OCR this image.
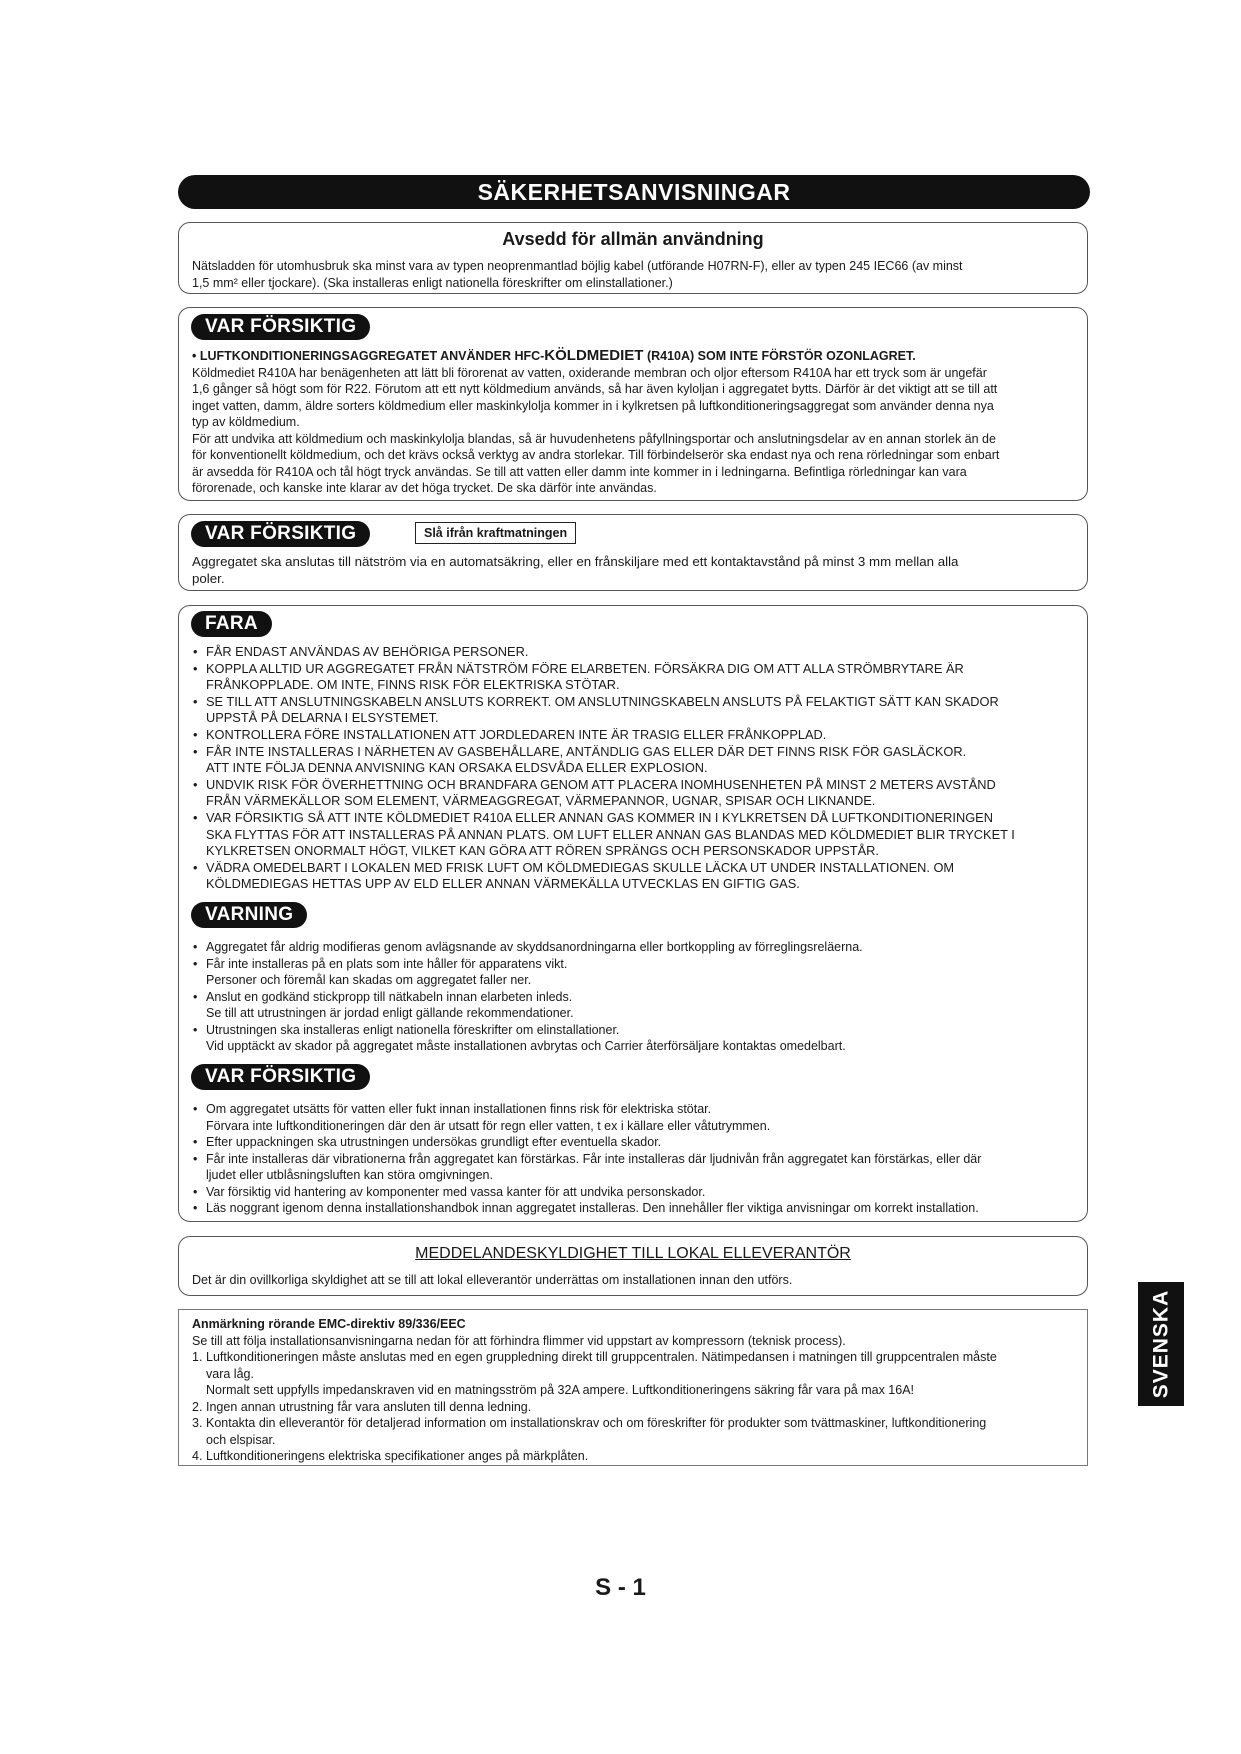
SÄKERHETSANVISNINGAR
Avsedd för allmän användning
Nätsladden för utomhusbruk ska minst vara av typen neoprenmantlad böjlig kabel (utförande H07RN-F), eller av typen 245 IEC66 (av minst
1,5 mm² eller tjockare). (Ska installeras enligt nationella föreskrifter om elinstallationer.)
VAR FÖRSIKTIG
• LUFTKONDITIONERINGSAGGREGATET ANVÄNDER HFC-KÖLDMEDIET (R410A) SOM INTE FÖRSTÖR OZONLAGRET.
Köldmediet R410A har benägenheten att lätt bli förorenat av vatten, oxiderande membran och oljor eftersom R410A har ett tryck som är ungefär
1,6 gånger så högt som för R22. Förutom att ett nytt köldmedium används, så har även kyloljan i aggregatet bytts. Därför är det viktigt att se till att
inget vatten, damm, äldre sorters köldmedium eller maskinkylolja kommer in i kylkretsen på luftkonditioneringsaggregat som använder denna nya
typ av köldmedium.
För att undvika att köldmedium och maskinkylolja blandas, så är huvudenhetens påfyllningsportar och anslutningsdelar av en annan storlek än de
för konventionellt köldmedium, och det krävs också verktyg av andra storlekar. Till förbindelserör ska endast nya och rena rörledningar som enbart
är avsedda för R410A och tål högt tryck användas. Se till att vatten eller damm inte kommer in i ledningarna. Befintliga rörledningar kan vara
förorenade, och kanske inte klarar av det höga trycket. De ska därför inte användas.
VAR FÖRSIKTIG	Slå ifrån kraftmatningen
Aggregatet ska anslutas till nätström via en automatsäkring, eller en frånskiljare med ett kontaktavstånd på minst 3 mm mellan alla
poler.
FARA
• FÅR ENDAST ANVÄNDAS AV BEHÖRIGA PERSONER.
• KOPPLA ALLTID UR AGGREGATET FRÅN NÄTSTRÖM FÖRE ELARBETEN. FÖRSÄKRA DIG OM ATT ALLA STRÖMBRYTARE ÄR
FRÅNKOPPLADE. OM INTE, FINNS RISK FÖR ELEKTRISKA STÖTAR.
• SE TILL ATT ANSLUTNINGSKABELN ANSLUTS KORREKT. OM ANSLUTNINGSKABELN ANSLUTS PÅ FELAKTIGT SÄTT KAN SKADOR
UPPSTÅ PÅ DELARNA I ELSYSTEMET.
• KONTROLLERA FÖRE INSTALLATIONEN ATT JORDLEDAREN INTE ÄR TRASIG ELLER FRÅNKOPPLAD.
• FÅR INTE INSTALLERAS I NÄRHETEN AV GASBEHÅLLARE, ANTÄNDLIG GAS ELLER DÄR DET FINNS RISK FÖR GASLÄCKOR.
ATT INTE FÖLJA DENNA ANVISNING KAN ORSAKA ELDSVÅDA ELLER EXPLOSION.
• UNDVIK RISK FÖR ÖVERHETTNING OCH BRANDFARA GENOM ATT PLACERA INOMHUSENHETEN PÅ MINST 2 METERS AVSTÅND
FRÅN VÄRMEKÄLLOR SOM ELEMENT, VÄRMEAGGREGAT, VÄRMEPANNOR, UGNAR, SPISAR OCH LIKNANDE.
• VAR FÖRSIKTIG SÅ ATT INTE KÖLDMEDIET R410A ELLER ANNAN GAS KOMMER IN I KYLKRETSEN DÅ LUFTKONDITIONERINGEN
SKA FLYTTAS FÖR ATT INSTALLERAS PÅ ANNAN PLATS. OM LUFT ELLER ANNAN GAS BLANDAS MED KÖLDMEDIET BLIR TRYCKET I
KYLKRETSEN ONORMALT HÖGT, VILKET KAN GÖRA ATT RÖREN SPRÄNGS OCH PERSONSKADOR UPPSTÅR.
• VÄDRA OMEDELBART I LOKALEN MED FRISK LUFT OM KÖLDMEDIEGAS SKULLE LÄCKA UT UNDER INSTALLATIONEN. OM
KÖLDMEDIEGAS HETTAS UPP AV ELD ELLER ANNAN VÄRMEKÄLLA UTVECKLAS EN GIFTIG GAS.
VARNING
• Aggregatet får aldrig modifieras genom avlägsnande av skyddsanordningarna eller bortkoppling av förreglingsreläerna.
• Får inte installeras på en plats som inte håller för apparatens vikt.
Personer och föremål kan skadas om aggregatet faller ner.
• Anslut en godkänd stickpropp till nätkabeln innan elarbeten inleds.
Se till att utrustningen är jordad enligt gällande rekommendationer.
• Utrustningen ska installeras enligt nationella föreskrifter om elinstallationer.
Vid upptäckt av skador på aggregatet måste installationen avbrytas och Carrier återförsäljare kontaktas omedelbart.
VAR FÖRSIKTIG
• Om aggregatet utsätts för vatten eller fukt innan installationen finns risk för elektriska stötar.
Förvara inte luftkonditioneringen där den är utsatt för regn eller vatten, t ex i källare eller våtutrymmen.
• Efter uppackningen ska utrustningen undersökas grundligt efter eventuella skador.
• Får inte installeras där vibrationerna från aggregatet kan förstärkas. Får inte installeras där ljudnivån från aggregatet kan förstärkas, eller där
ljudet eller utblåsningsluften kan störa omgivningen.
• Var försiktig vid hantering av komponenter med vassa kanter för att undvika personskador.
• Läs noggrant igenom denna installationshandbok innan aggregatet installeras. Den innehåller fler viktiga anvisningar om korrekt installation.
MEDDELANDESKYLDIGHET TILL LOKAL ELLEVERANTÖR
Det är din ovillkorliga skyldighet att se till att lokal elleverantör underrättas om installationen innan den utförs.
Anmärkning rörande EMC-direktiv 89/336/EEC
Se till att följa installationsanvisningarna nedan för att förhindra flimmer vid uppstart av kompressorn (teknisk process).
1. Luftkonditioneringen måste anslutas med en egen gruppledning direkt till gruppcentralen. Nätimpedansen i matningen till gruppcentralen måste
vara låg.
Normalt sett uppfylls impedanskraven vid en matningsström på 32A ampere. Luftkonditioneringens säkring får vara på max 16A!
2. Ingen annan utrustning får vara ansluten till denna ledning.
3. Kontakta din elleverantör för detaljerad information om installationskrav och om föreskrifter för produkter som tvättmaskiner, luftkonditionering
och elspisar.
4. Luftkonditioneringens elektriska specifikationer anges på märkplåten.
SVENSKA
S - 1
